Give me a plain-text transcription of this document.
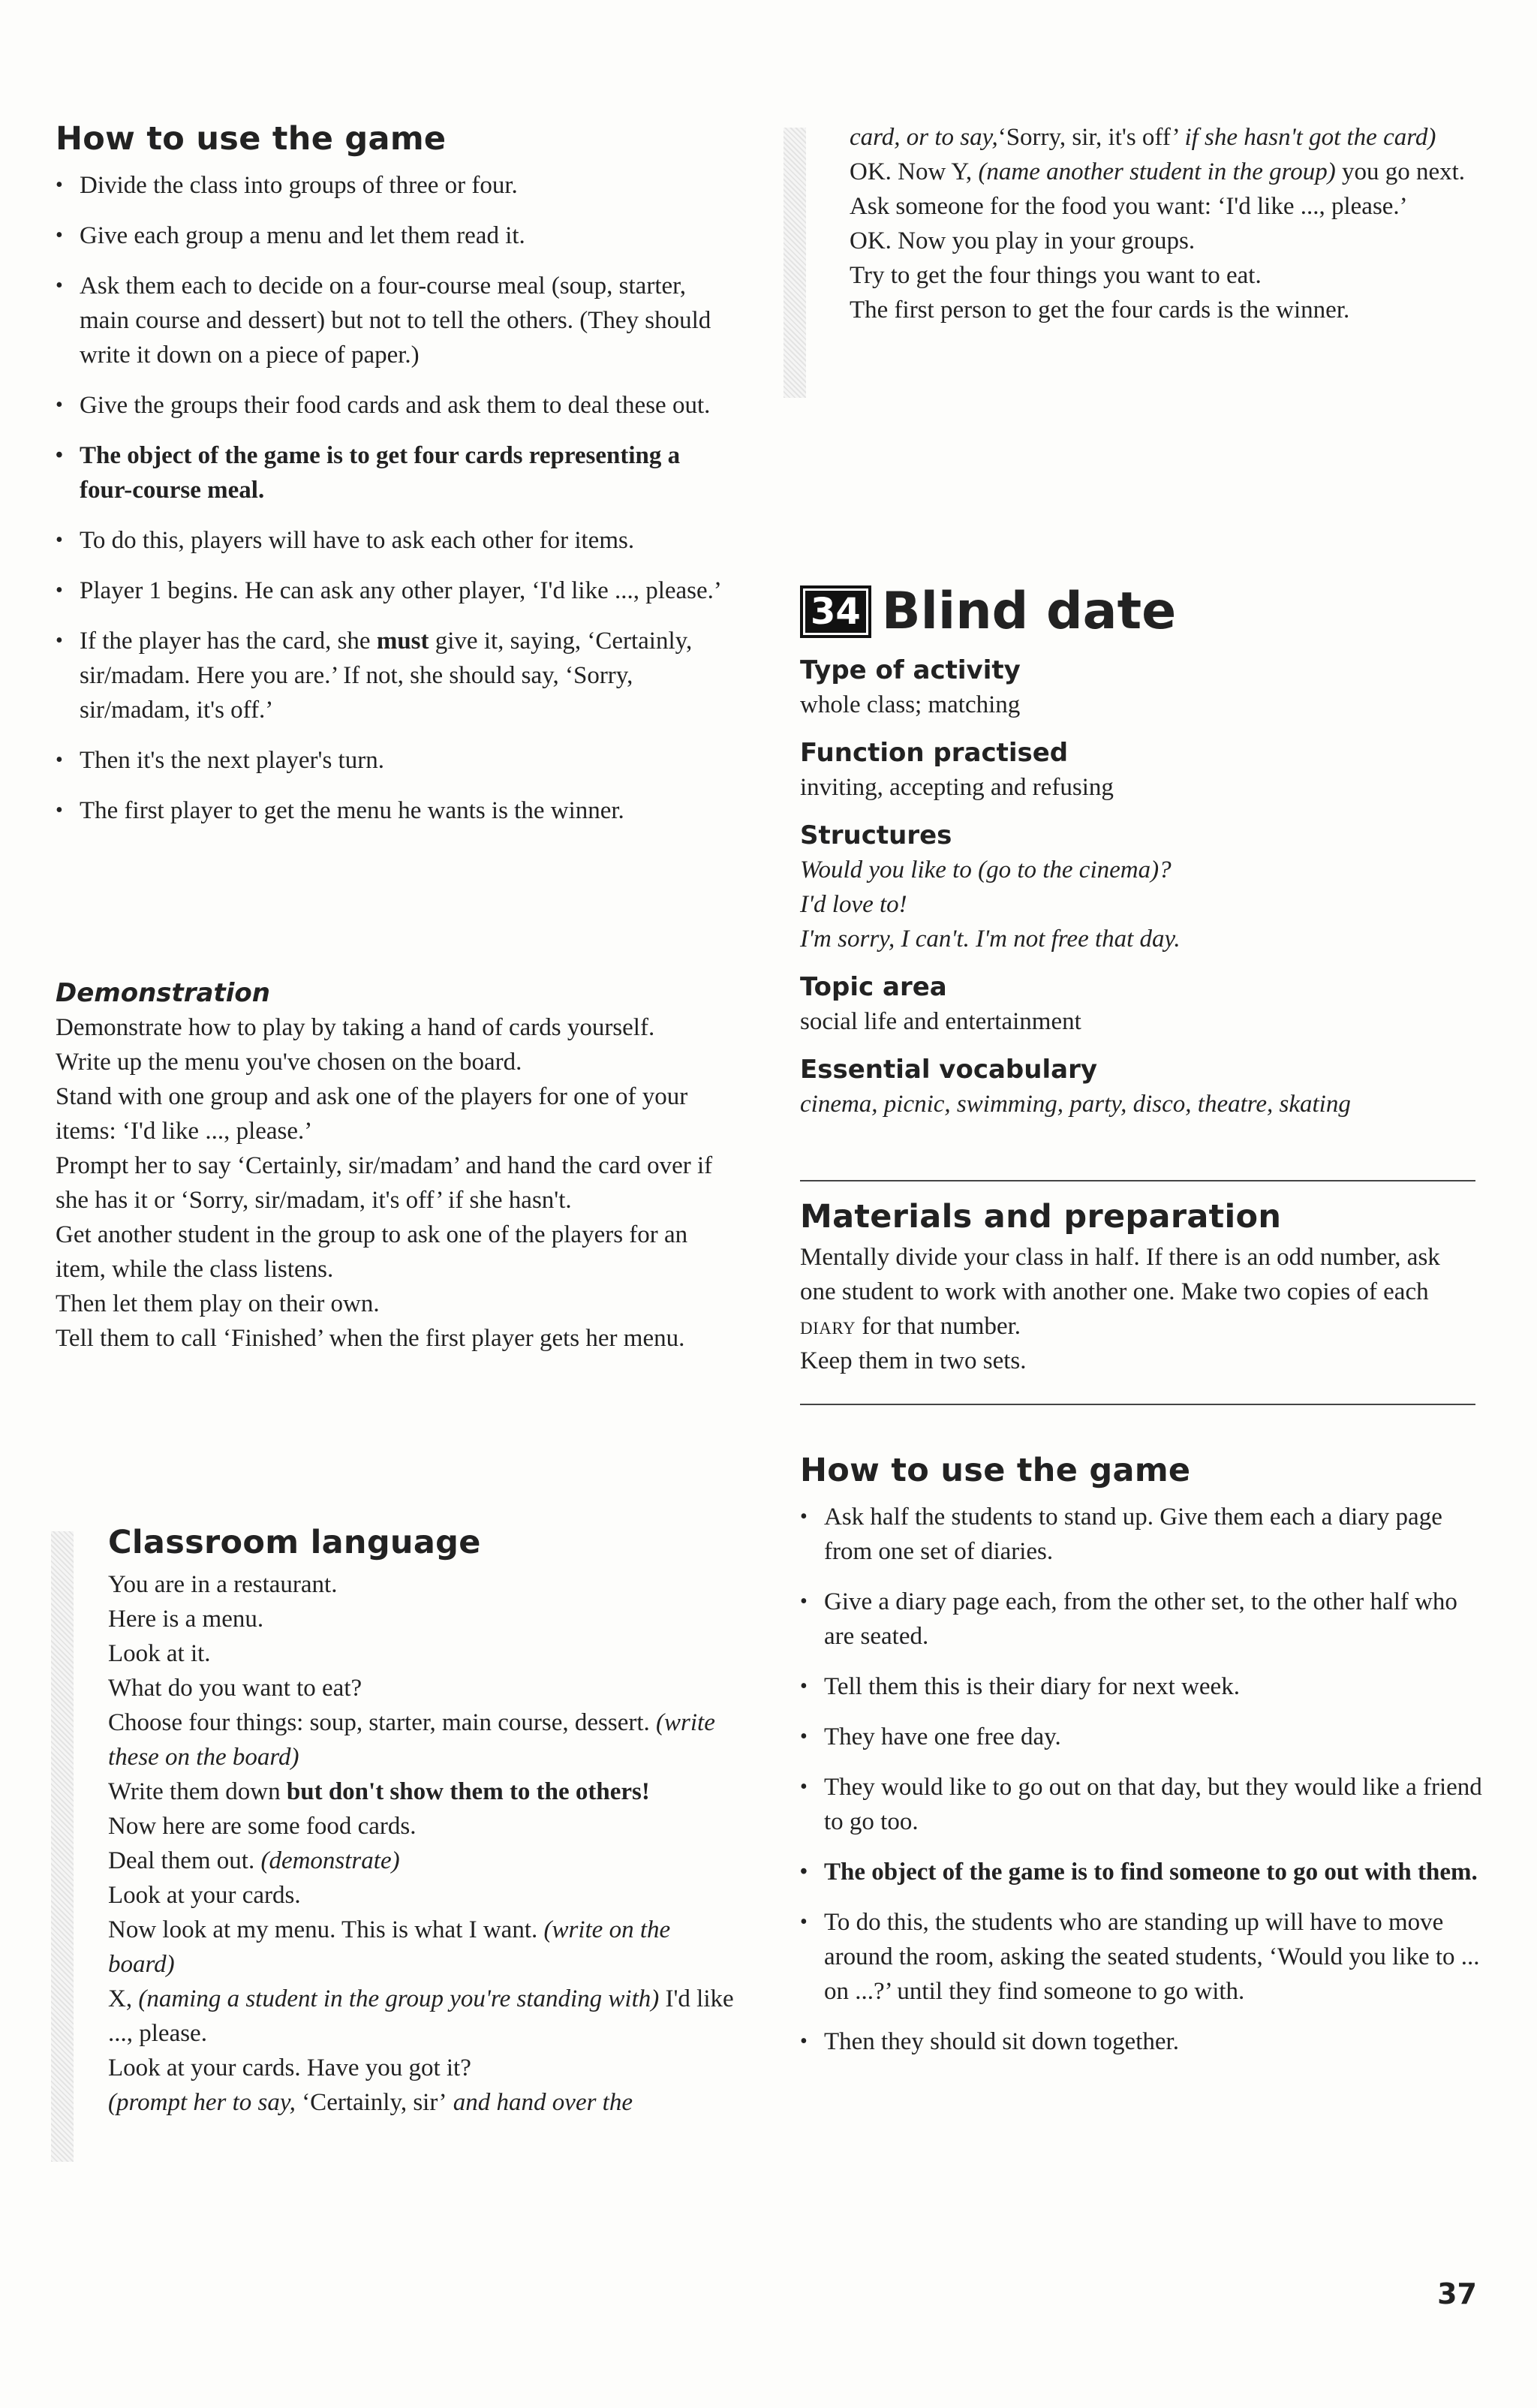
How to use the game
• Divide the class into groups of three or four.
• Give each group a menu and let them read it.
• Ask them each to decide on a four-course meal (soup, starter, main course and dessert) but not to tell the others. (They should write it down on a piece of paper.)
• Give the groups their food cards and ask them to deal these out.
• The object of the game is to get four cards representing a four-course meal.
• To do this, players will have to ask each other for items.
• Player 1 begins. He can ask any other player, ‘I'd like ..., please.’
• If the player has the card, she must give it, saying, ‘Certainly, sir/madam. Here you are.’ If not, she should say, ‘Sorry, sir/madam, it's off.’
• Then it's the next player's turn.
• The first player to get the menu he wants is the winner.
Demonstration

Demonstrate how to play by taking a hand of cards yourself.

Write up the menu you've chosen on the board.

Stand with one group and ask one of the players for one of your items: ‘I'd like ..., please.’

Prompt her to say ‘Certainly, sir/madam’ and hand the card over if she has it or ‘Sorry, sir/madam, it's off’ if she hasn't.

Get another student in the group to ask one of the players for an item, while the class listens.

Then let them play on their own.

Tell them to call ‘Finished’ when the first player gets her menu.

Classroom language

You are in a restaurant.

Here is a menu.

Look at it.

What do you want to eat?

Choose four things: soup, starter, main course, dessert. (write these on the board)

Write them down but don't show them to the others!

Now here are some food cards.

Deal them out. (demonstrate)

Look at your cards.

Now look at my menu. This is what I want. (write on the board)

X, (naming a student in the group you're standing with) I'd like ..., please.

Look at your cards. Have you got it?

(prompt her to say, ‘Certainly, sir’ and hand over the

card, or to say,‘Sorry, sir, it's off’ if she hasn't got the card)

OK. Now Y, (name another student in the group) you go next. Ask someone for the food you want: ‘I'd like ..., please.’

OK. Now you play in your groups.

Try to get the four things you want to eat.

The first person to get the four cards is the winner.

34 Blind date
Type of activity

whole class; matching

Function practised

inviting, accepting and refusing

Structures

Would you like to (go to the cinema)?

I'd love to!

I'm sorry, I can't. I'm not free that day.

Topic area

social life and entertainment

Essential vocabulary

cinema, picnic, swimming, party, disco, theatre, skating

Materials and preparation

Mentally divide your class in half. If there is an odd number, ask one student to work with another one. Make two copies of each diary for that number.

Keep them in two sets.

How to use the game
• Ask half the students to stand up. Give them each a diary page from one set of diaries.
• Give a diary page each, from the other set, to the other half who are seated.
• Tell them this is their diary for next week.
• They have one free day.
• They would like to go out on that day, but they would like a friend to go too.
• The object of the game is to find someone to go out with them.
• To do this, the students who are standing up will have to move around the room, asking the seated students, ‘Would you like to ... on ...?’ until they find someone to go with.
• Then they should sit down together.
37
